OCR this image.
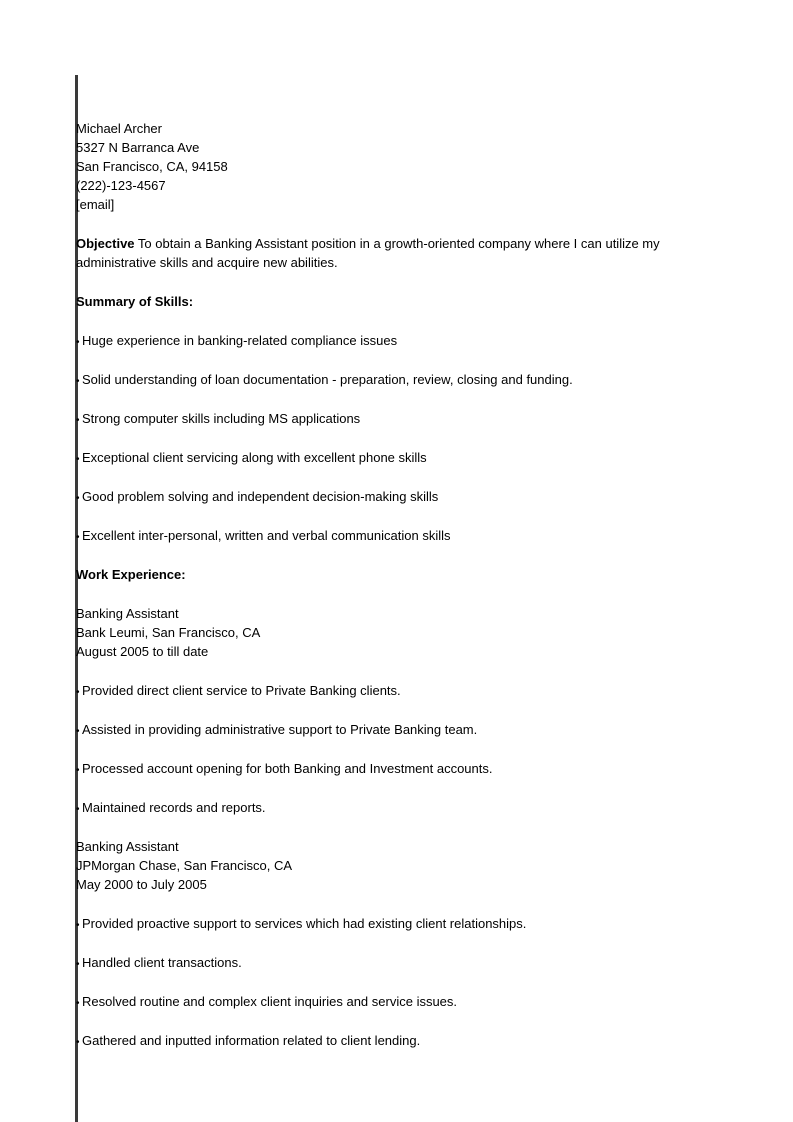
Michael Archer
5327 N Barranca Ave
San Francisco, CA, 94158
(222)-123-4567
[email]
Objective To obtain a Banking Assistant position in a growth-oriented company where I can utilize my administrative skills and acquire new abilities.
Summary of Skills:
• Huge experience in banking-related compliance issues
• Solid understanding of loan documentation - preparation, review, closing and funding.
• Strong computer skills including MS applications
• Exceptional client servicing along with excellent phone skills
• Good problem solving and independent decision-making skills
• Excellent inter-personal, written and verbal communication skills
Work Experience:
Banking Assistant
Bank Leumi, San Francisco, CA
August 2005 to till date
• Provided direct client service to Private Banking clients.
• Assisted in providing administrative support to Private Banking team.
• Processed account opening for both Banking and Investment accounts.
• Maintained records and reports.
Banking Assistant
JPMorgan Chase, San Francisco, CA
May 2000 to July 2005
• Provided proactive support to services which had existing client relationships.
• Handled client transactions.
• Resolved routine and complex client inquiries and service issues.
• Gathered and inputted information related to client lending.
